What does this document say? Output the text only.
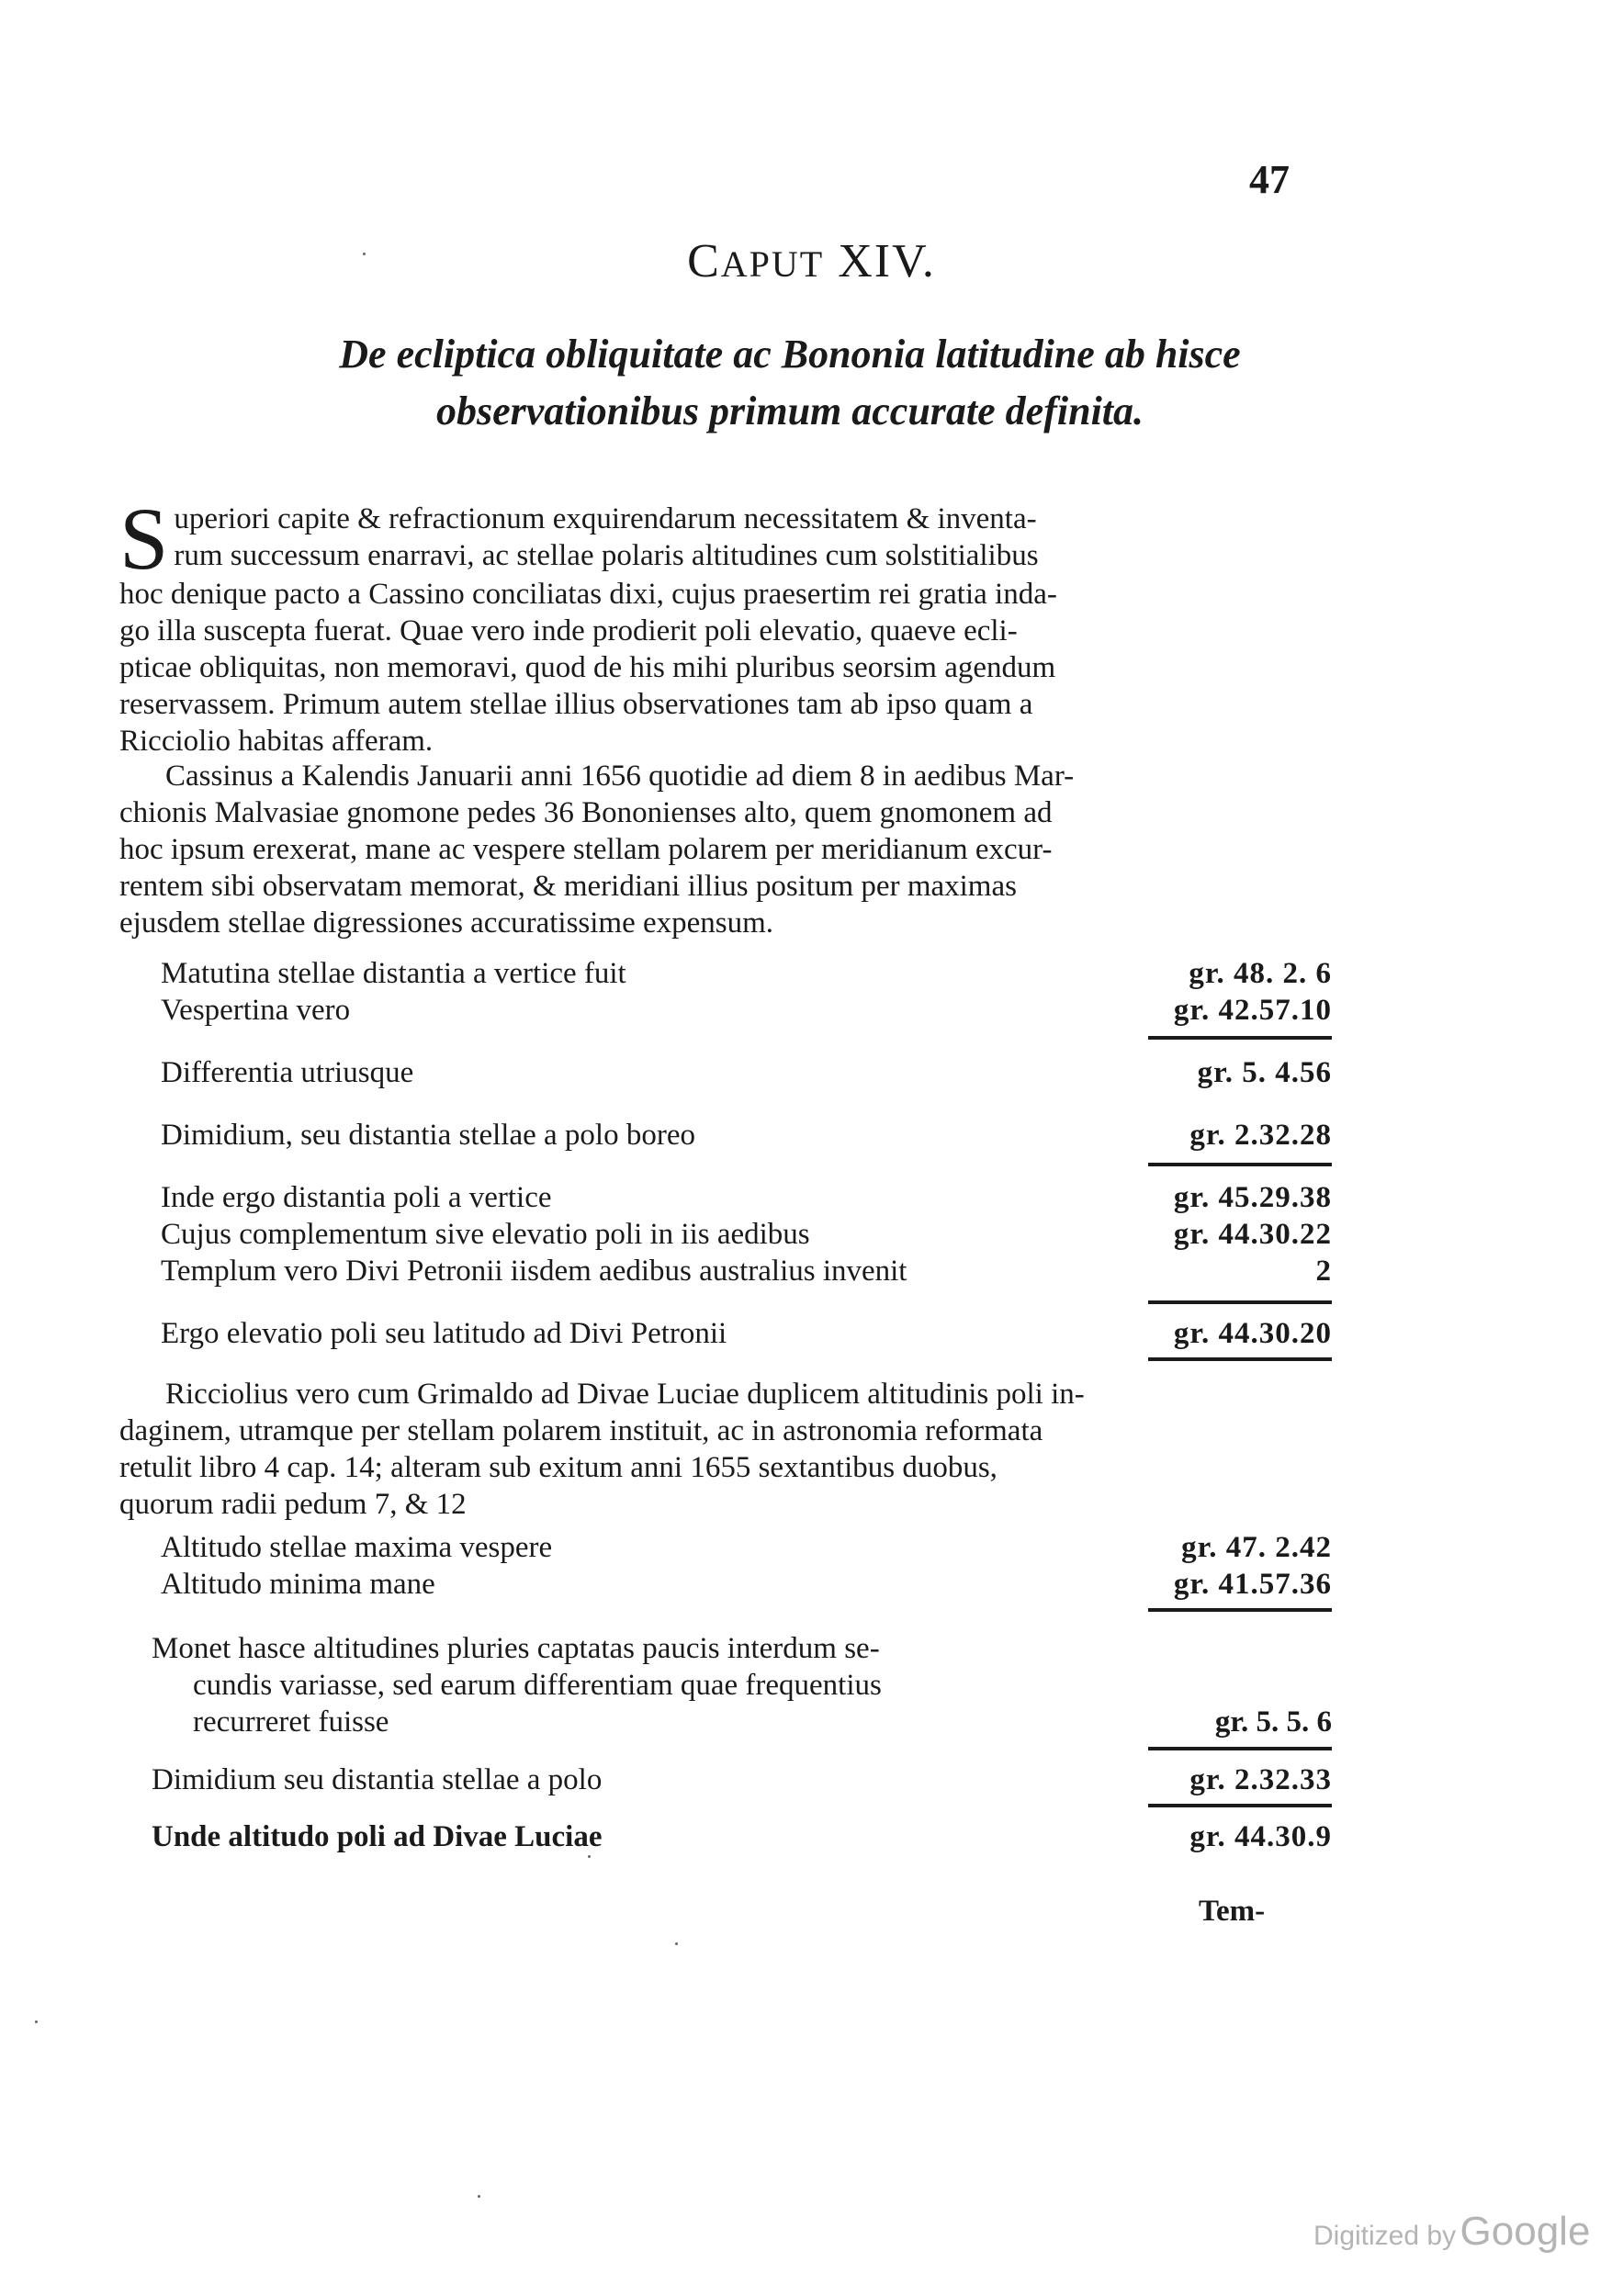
47
CAPUT XIV.
De ecliptica obliquitate ac Bononia latitudine ab hisce
observationibus primum accurate definita.
S uperiori capite & refractionum exquirendarum necessitatem & inventa-
rum successum enarravi, ac stellae polaris altitudines cum solstitialibus
hoc denique pacto a Cassino conciliatas dixi, cujus praesertim rei gratia inda-
go illa suscepta fuerat. Quae vero inde prodierit poli elevatio, quaeve ecli-
pticae obliquitas, non memoravi, quod de his mihi pluribus seorsim agendum
reservassem. Primum autem stellae illius observationes tam ab ipso quam a
Ricciolio habitas afferam.
Cassinus a Kalendis Januarii anni 1656 quotidie ad diem 8 in aedibus Mar-
chionis Malvasiae gnomone pedes 36 Bononienses alto, quem gnomonem ad
hoc ipsum erexerat, mane ac vespere stellam polarem per meridianum excur-
rentem sibi observatam memorat, & meridiani illius positum per maximas
ejusdem stellae digressiones accuratissime expensum.
Matutina stellae distantia a vertice fuit	gr. 48. 2. 6
Vespertina vero	gr. 42.57.10
Differentia utriusque	gr. 5. 4.56
Dimidium, seu distantia stellae a polo boreo	gr. 2.32.28
Inde ergo distantia poli a vertice	gr. 45.29.38
Cujus complementum sive elevatio poli in iis aedibus	gr. 44.30.22
Templum vero Divi Petronii iisdem aedibus australius invenit	2
Ergo elevatio poli seu latitudo ad Divi Petronii	gr. 44.30.20
Ricciolius vero cum Grimaldo ad Divae Luciae duplicem altitudinis poli in-
daginem, utramque per stellam polarem instituit, ac in astronomia reformata
retulit libro 4 cap. 14; alteram sub exitum anni 1655 sextantibus duobus,
quorum radii pedum 7, & 12
Altitudo stellae maxima vespere	gr. 47. 2.42
Altitudo minima mane	gr. 41.57.36
Monet hasce altitudines pluries captatas paucis interdum se-
cundis variasse, sed earum differentiam quae frequentius
recurreret fuisse	gr. 5. 5. 6
Dimidium seu distantia stellae a polo	gr. 2.32.33
Unde altitudo poli ad Divae Luciae	gr. 44.30.9
Tem-
Digitized by Google
